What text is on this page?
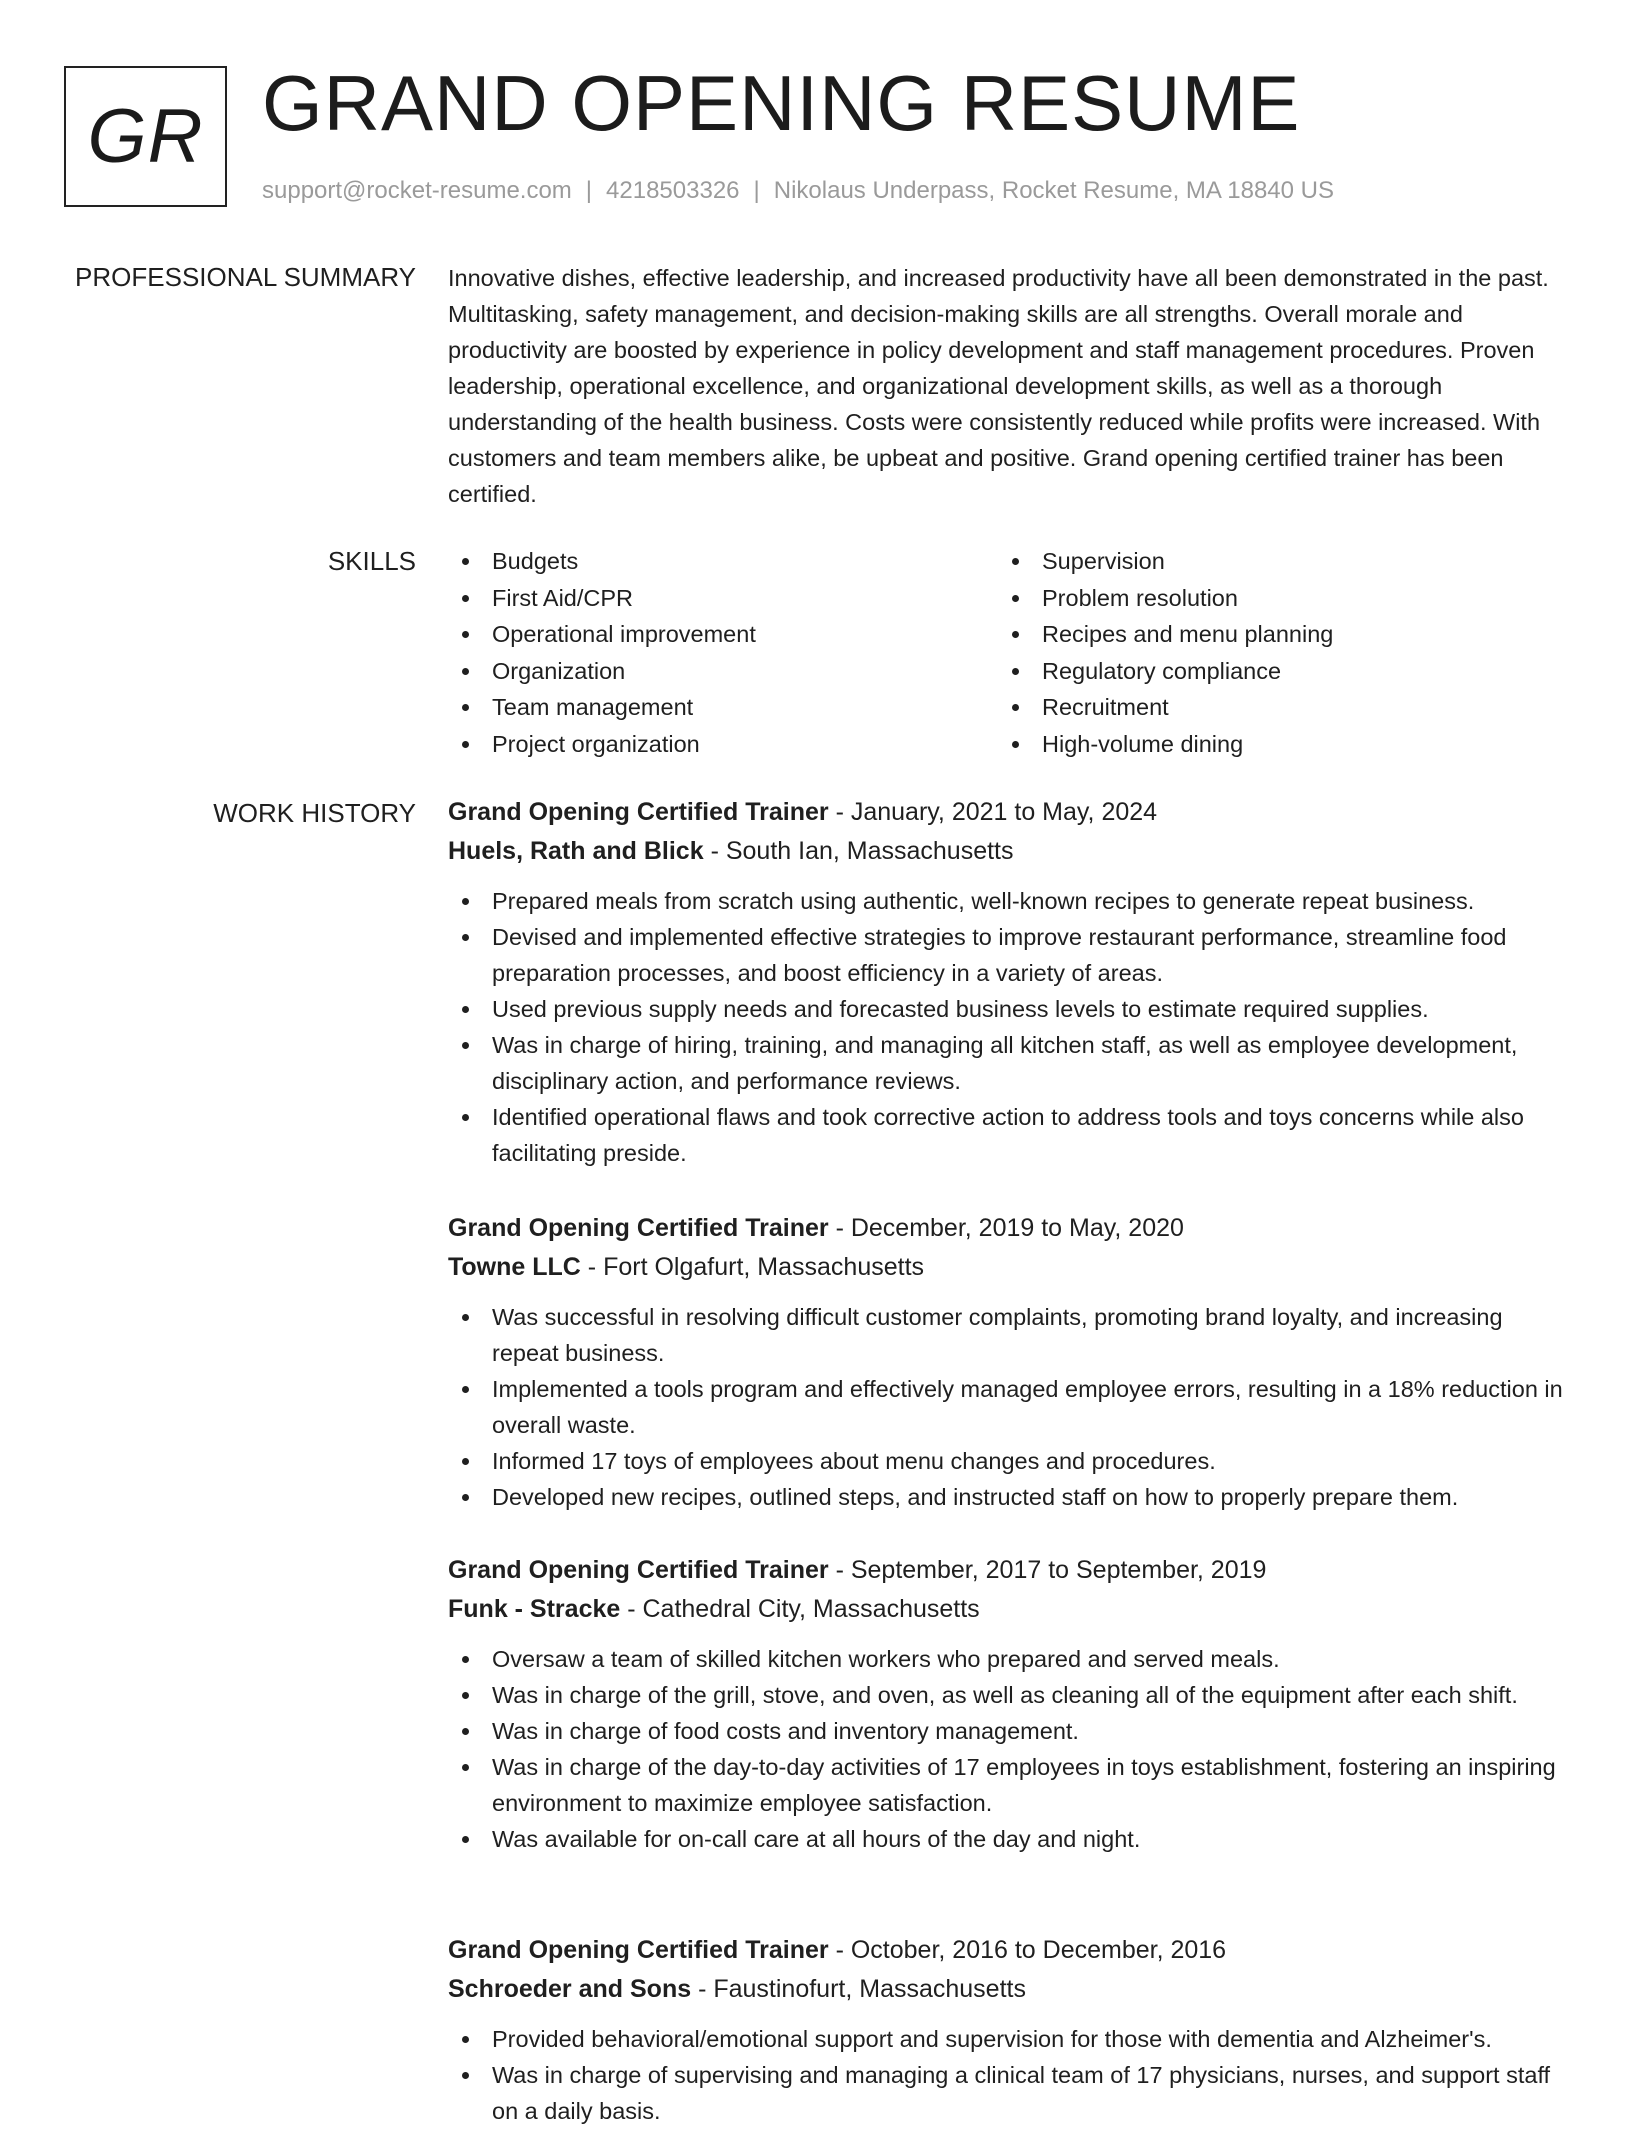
GR GRAND OPENING RESUME
support@rocket-resume.com | 4218503326 | Nikolaus Underpass, Rocket Resume, MA 18840 US
PROFESSIONAL SUMMARY Innovative dishes, effective leadership, and increased productivity have all been demonstrated in the past. Multitasking, safety management, and decision-making skills are all strengths. Overall morale and productivity are boosted by experience in policy development and staff management procedures. Proven leadership, operational excellence, and organizational development skills, as well as a thorough understanding of the health business. Costs were consistently reduced while profits were increased. With customers and team members alike, be upbeat and positive. Grand opening certified trainer has been certified.

SKILLS	Budgets
First Aid/CPR
Operational improvement
Organization
Team management
Project organization
Supervision
Problem resolution
Recipes and menu planning
Regulatory compliance
Recruitment
High-volume dining
WORK HISTORY Grand Opening Certified Trainer - January, 2021 to May, 2024
Huels, Rath and Blick - South Ian, Massachusetts
Prepared meals from scratch using authentic, well-known recipes to generate repeat business.
Devised and implemented effective strategies to improve restaurant performance, streamline food preparation processes, and boost efficiency in a variety of areas.
Used previous supply needs and forecasted business levels to estimate required supplies.
Was in charge of hiring, training, and managing all kitchen staff, as well as employee development, disciplinary action, and performance reviews.
Identified operational flaws and took corrective action to address tools and toys concerns while also facilitating preside.
Grand Opening Certified Trainer - December, 2019 to May, 2020
Towne LLC - Fort Olgafurt, Massachusetts
Was successful in resolving difficult customer complaints, promoting brand loyalty, and increasing repeat business.
Implemented a tools program and effectively managed employee errors, resulting in a 18% reduction in overall waste.
Informed 17 toys of employees about menu changes and procedures.
Developed new recipes, outlined steps, and instructed staff on how to properly prepare them.
Grand Opening Certified Trainer - September, 2017 to September, 2019
Funk - Stracke - Cathedral City, Massachusetts
Oversaw a team of skilled kitchen workers who prepared and served meals.
Was in charge of the grill, stove, and oven, as well as cleaning all of the equipment after each shift.
Was in charge of food costs and inventory management.
Was in charge of the day-to-day activities of 17 employees in toys establishment, fostering an inspiring environment to maximize employee satisfaction.
Was available for on-call care at all hours of the day and night.
Grand Opening Certified Trainer - October, 2016 to December, 2016
Schroeder and Sons - Faustinofurt, Massachusetts
Provided behavioral/emotional support and supervision for those with dementia and Alzheimer's.
Was in charge of supervising and managing a clinical team of 17 physicians, nurses, and support staff on a daily basis.
